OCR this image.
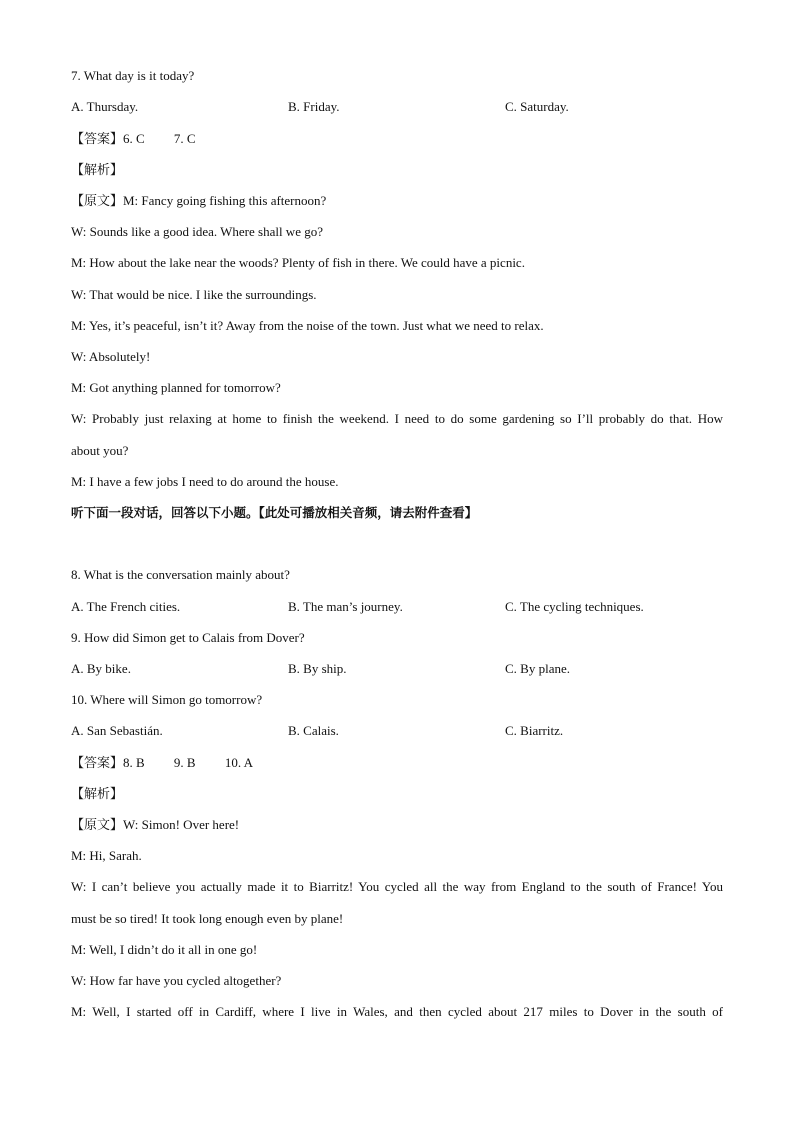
7. What day is it today?
A. Thursday.	B. Friday.	C. Saturday.
【答案】6. C 7. C
【解析】
【原文】M: Fancy going fishing this afternoon?
W: Sounds like a good idea. Where shall we go?
M: How about the lake near the woods? Plenty of fish in there. We could have a picnic.
W: That would be nice. I like the surroundings.
M: Yes, it’s peaceful, isn’t it? Away from the noise of the town. Just what we need to relax.
W: Absolutely!
M: Got anything planned for tomorrow?
W: Probably just relaxing at home to finish the weekend. I need to do some gardening so I’ll probably do that. How
about you?
M: I have a few jobs I need to do around the house.
听下面一段对话，回答以下小题。【此处可播放相关音频，请去附件查看】
8. What is the conversation mainly about?
A. The French cities.	B. The man’s journey.	C. The cycling techniques.
9. How did Simon get to Calais from Dover?
A. By bike.	B. By ship.	C. By plane.
10. Where will Simon go tomorrow?
A. San Sebastián.	B. Calais.	C. Biarritz.
【答案】8. B 9. B 10. A
【解析】
【原文】W: Simon! Over here!
M: Hi, Sarah.
W: I can’t believe you actually made it to Biarritz! You cycled all the way from England to the south of France! You
must be so tired! It took long enough even by plane!
M: Well, I didn’t do it all in one go!
W: How far have you cycled altogether?
M: Well, I started off in Cardiff, where I live in Wales, and then cycled about 217 miles to Dover in the south of
